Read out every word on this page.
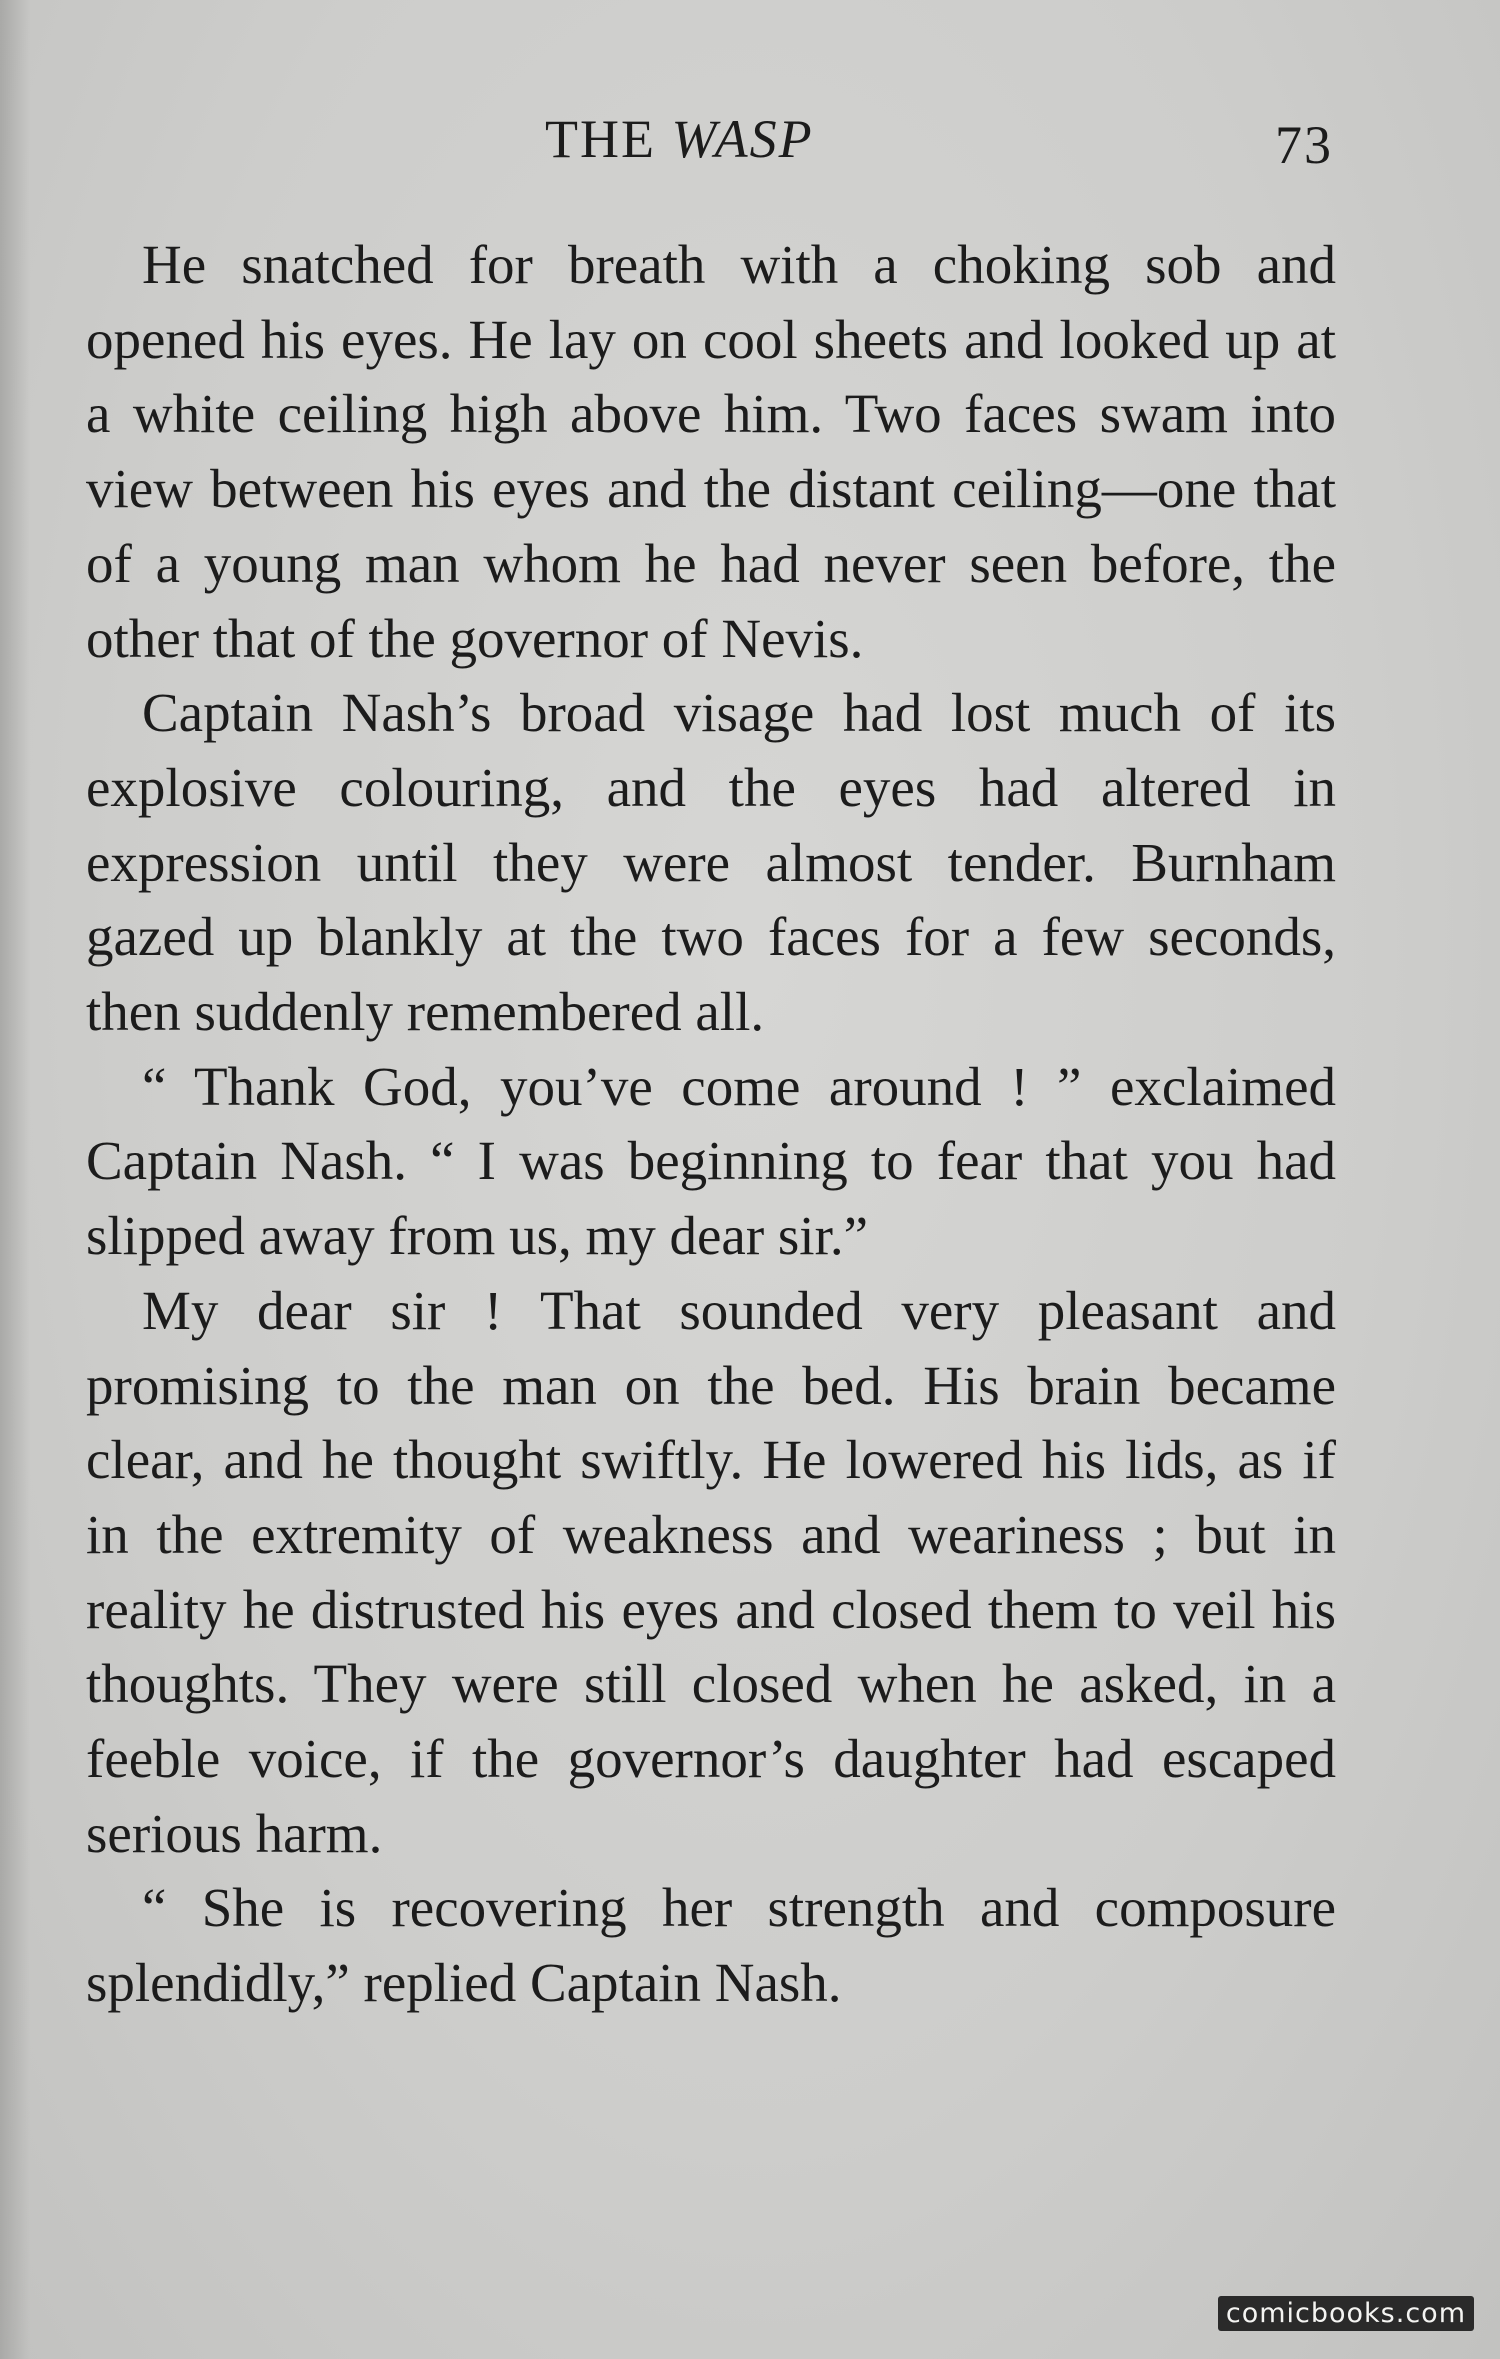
THE WASP	73

He snatched for breath with a choking sob and opened his eyes. He lay on cool sheets and looked up at a white ceiling high above him. Two faces swam into view between his eyes and the distant ceiling—one that of a young man whom he had never seen before, the other that of the governor of Nevis.

Captain Nash’s broad visage had lost much of its explosive colouring, and the eyes had altered in expression until they were almost tender. Burnham gazed up blankly at the two faces for a few seconds, then suddenly remembered all.

“ Thank God, you’ve come around ! ” exclaimed Captain Nash. “ I was beginning to fear that you had slipped away from us, my dear sir.”

My dear sir ! That sounded very pleasant and promising to the man on the bed. His brain became clear, and he thought swiftly. He lowered his lids, as if in the extremity of weakness and weariness ; but in reality he distrusted his eyes and closed them to veil his thoughts. They were still closed when he asked, in a feeble voice, if the governor’s daughter had escaped serious harm.

“ She is recovering her strength and composure splendidly,” replied Captain Nash.

comicbooks.com
